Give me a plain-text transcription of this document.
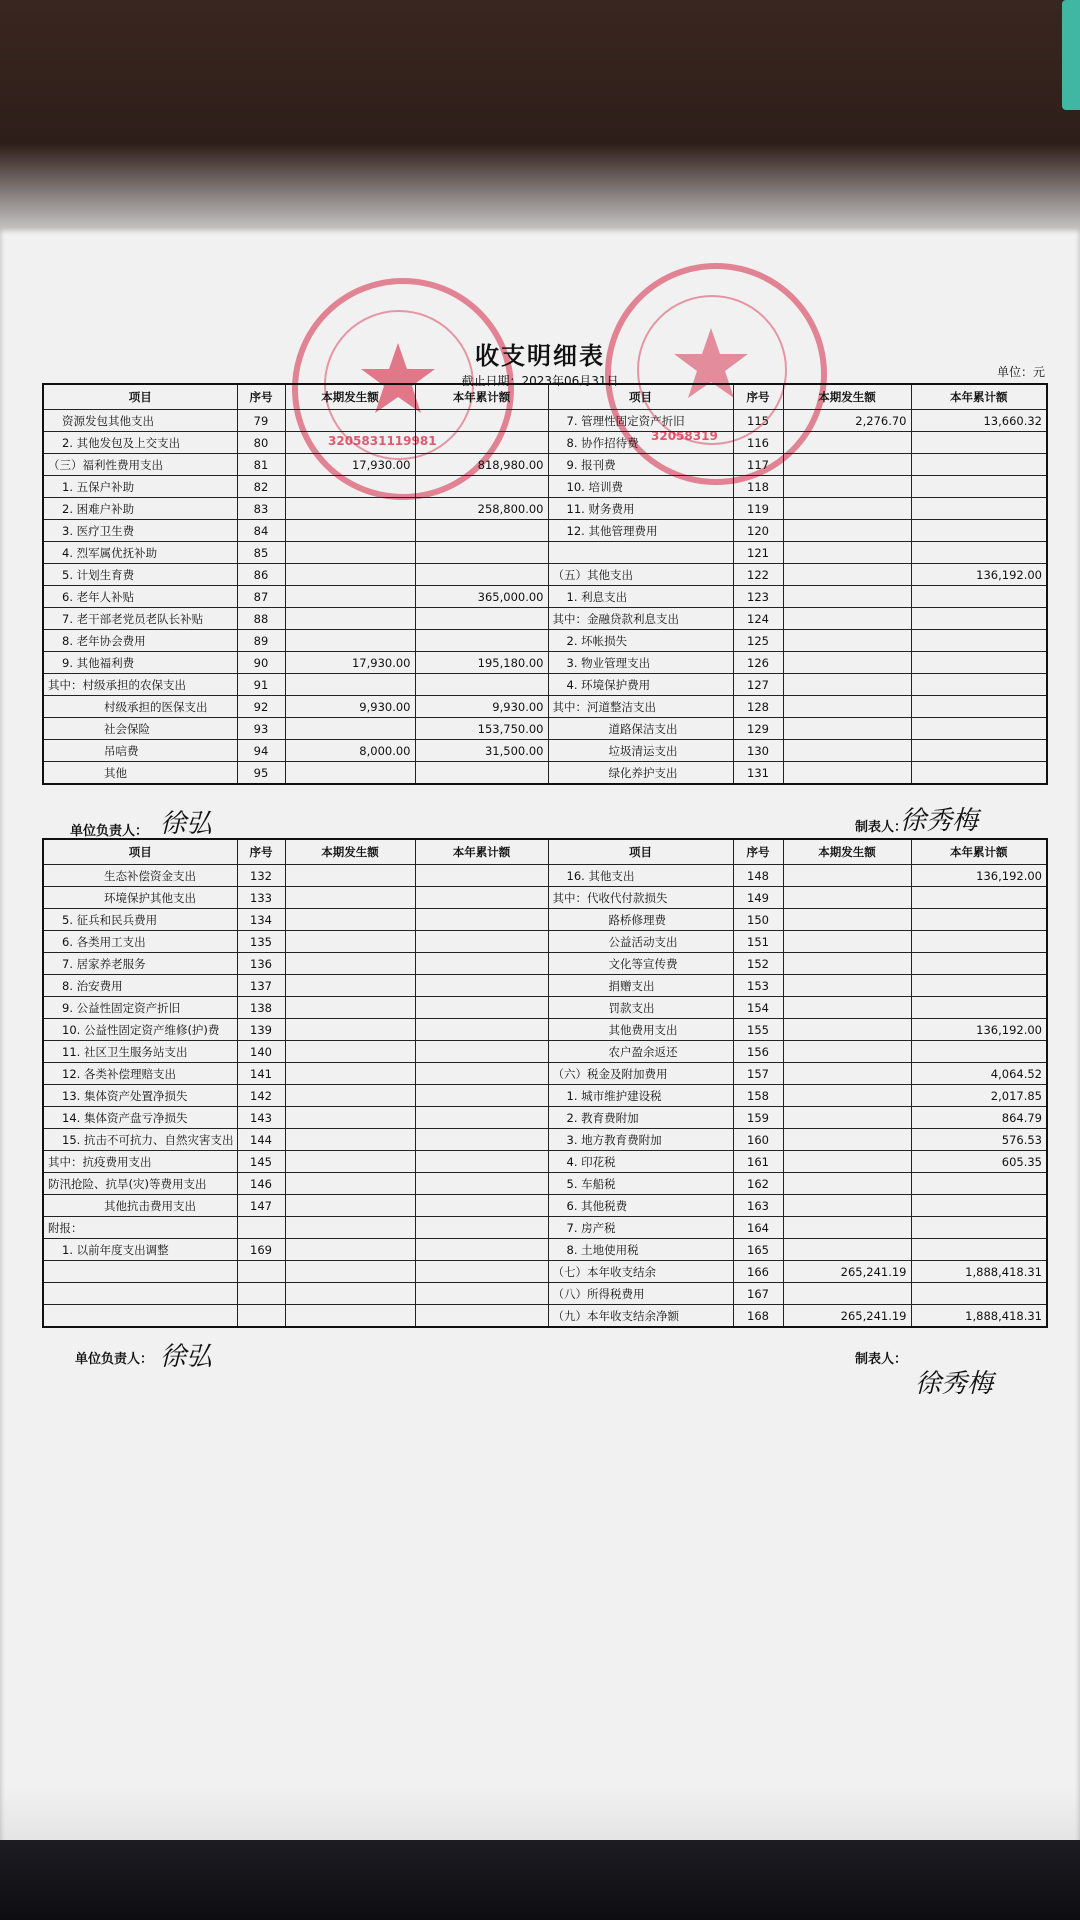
3205831119981	32058319
收支明细表
截止日期：2023年06月31日
单位：元
项目	序号	本期发生额	本年累计额	项目	序号	本期发生额	本年累计额
资源发包其他支出	79			7. 管理性固定资产折旧	115	2,276.70	13,660.32
2. 其他发包及上交支出	80			8. 协作招待费	116		
（三）福利性费用支出	81	17,930.00	818,980.00	9. 报刊费	117		
1. 五保户补助	82			10. 培训费	118		
2. 困难户补助	83		258,800.00	11. 财务费用	119		
3. 医疗卫生费	84			12. 其他管理费用	120		
4. 烈军属优抚补助	85				121		
5. 计划生育费	86			（五）其他支出	122		136,192.00
6. 老年人补贴	87		365,000.00	1. 利息支出	123		
7. 老干部老党员老队长补贴	88			其中：金融贷款利息支出	124		
8. 老年协会费用	89			2. 坏帐损失	125		
9. 其他福利费	90	17,930.00	195,180.00	3. 物业管理支出	126		
其中：村级承担的农保支出	91			4. 环境保护费用	127		
村级承担的医保支出	92	9,930.00	9,930.00	其中：河道整洁支出	128		
社会保险	93		153,750.00	道路保洁支出	129		
吊唁费	94	8,000.00	31,500.00	垃圾清运支出	130		
其他	95			绿化养护支出	131		
单位负责人： 徐弘	制表人：
徐秀梅
项目	序号	本期发生额	本年累计额	项目	序号	本期发生额	本年累计额
生态补偿资金支出	132			16. 其他支出	148		136,192.00
环境保护其他支出	133			其中：代收代付款损失	149		
5. 征兵和民兵费用	134			路桥修理费	150		
6. 各类用工支出	135			公益活动支出	151		
7. 居家养老服务	136			文化等宣传费	152		
8. 治安费用	137			捐赠支出	153		
9. 公益性固定资产折旧	138			罚款支出	154		
10. 公益性固定资产维修(护)费	139			其他费用支出	155		136,192.00
11. 社区卫生服务站支出	140			农户盈余返还	156		
12. 各类补偿理赔支出	141			（六）税金及附加费用	157		4,064.52
13. 集体资产处置净损失	142			1. 城市维护建设税	158		2,017.85
14. 集体资产盘亏净损失	143			2. 教育费附加	159		864.79
15. 抗击不可抗力、自然灾害支出	144			3. 地方教育费附加	160		576.53
其中：抗疫费用支出	145			4. 印花税	161		605.35
防汛抢险、抗旱(灾)等费用支出	146			5. 车船税	162		
其他抗击费用支出	147			6. 其他税费	163		
附报：				7. 房产税	164		
1. 以前年度支出调整	169			8. 土地使用税	165		
				（七）本年收支结余	166	265,241.19	1,888,418.31
				（八）所得税费用	167		
				（九）本年收支结余净额	168	265,241.19	1,888,418.31
单位负责人： 徐弘	制表人：
徐秀梅
